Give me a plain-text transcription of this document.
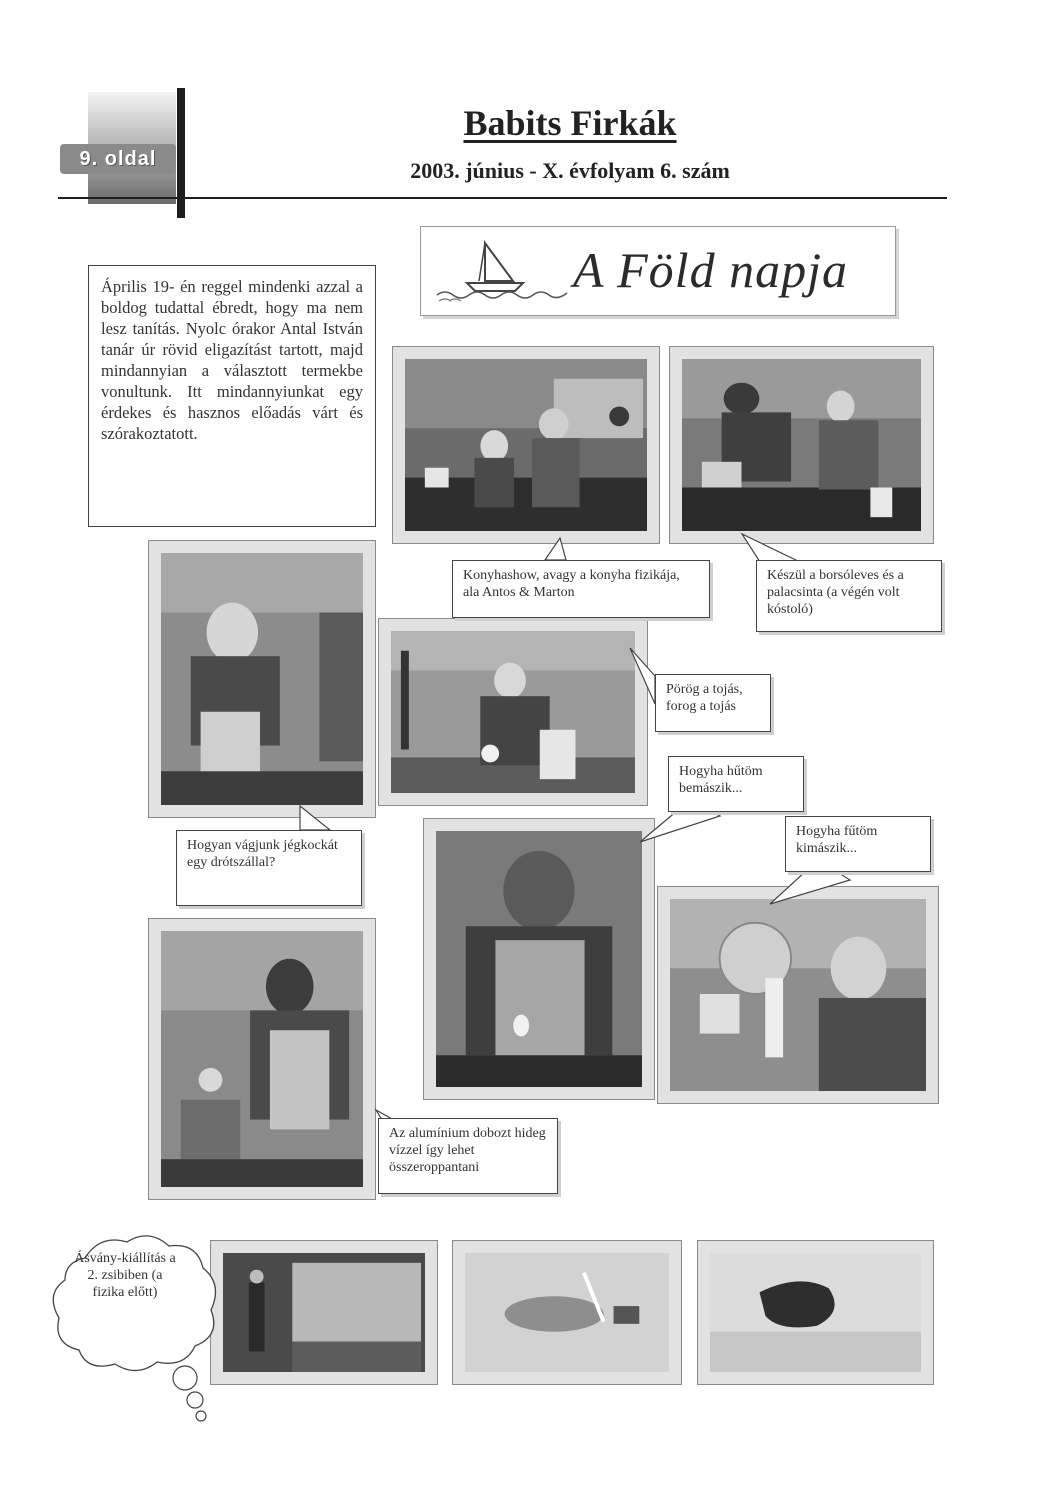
9. oldal
Babits Firkák
2003. június - X. évfolyam 6. szám
A Föld napja

Április 19- én reggel mindenki azzal a boldog tudattal ébredt, hogy ma nem lesz tanítás. Nyolc órakor Antal István tanár úr rövid eligazítást tartott, majd mindannyian a választott termekbe vonultunk. Itt mindannyiunkat egy érdekes és hasznos előadás várt és szórakoztatott.

Konyhashow, avagy a konyha fizikája, ala Antos & Marton

Készül a borsóleves és a palacsinta (a végén volt kóstoló)

Pörög a tojás, forog a tojás

Hogyha hűtöm bemászik...

Hogyha fűtöm kimászik...

Hogyan vágjunk jégkockát egy drótszállal?

Az alumínium dobozt hideg vízzel így lehet összeroppantani

Ásvány-kiállítás a 2. zsibiben (a fizika előtt)
